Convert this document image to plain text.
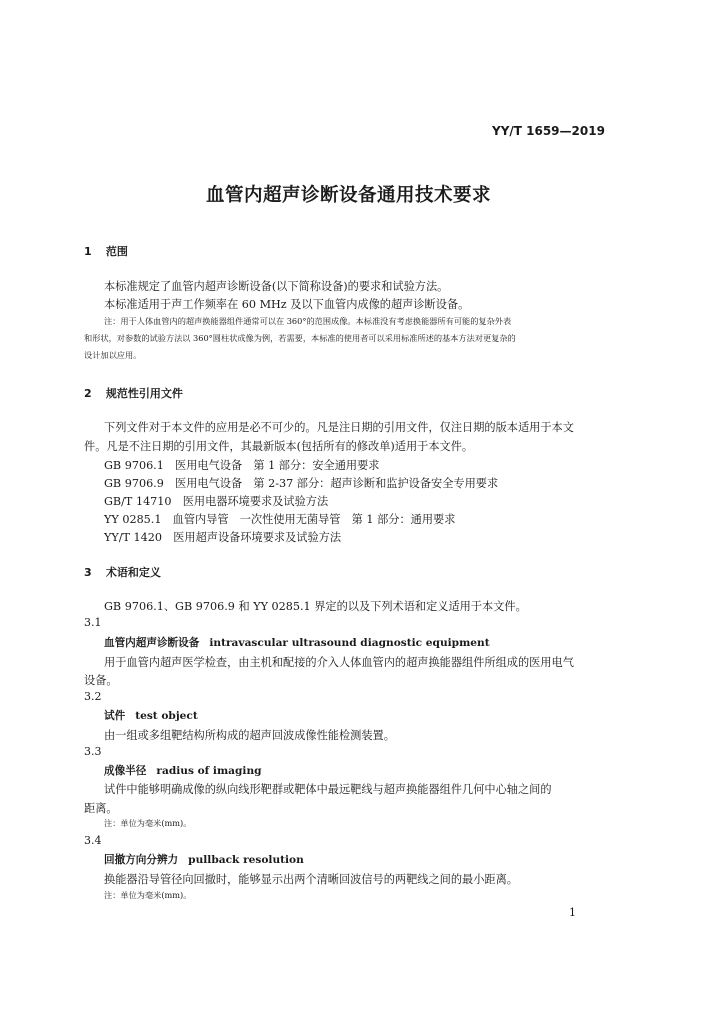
YY/T 1659—2019
血管内超声诊断设备通用技术要求
1 范围
本标准规定了血管内超声诊断设备(以下简称设备)的要求和试验方法。
本标准适用于声工作频率在 60 MHz 及以下血管内成像的超声诊断设备。
注：用于人体血管内的超声换能器组件通常可以在 360°的范围成像。本标准没有考虑换能器所有可能的复杂外表
和形状，对参数的试验方法以 360°圆柱状成像为例，若需要，本标准的使用者可以采用标准所述的基本方法对更复杂的
设计加以应用。
2 规范性引用文件
下列文件对于本文件的应用是必不可少的。凡是注日期的引用文件，仅注日期的版本适用于本文
件。凡是不注日期的引用文件，其最新版本(包括所有的修改单)适用于本文件。
GB 9706.1　医用电气设备　第 1 部分：安全通用要求
GB 9706.9　医用电气设备　第 2-37 部分：超声诊断和监护设备安全专用要求
GB/T 14710　医用电器环境要求及试验方法
YY 0285.1　血管内导管　一次性使用无菌导管　第 1 部分：通用要求
YY/T 1420　医用超声设备环境要求及试验方法
3 术语和定义
GB 9706.1、GB 9706.9 和 YY 0285.1 界定的以及下列术语和定义适用于本文件。
3.1
血管内超声诊断设备 intravascular ultrasound diagnostic equipment
用于血管内超声医学检查，由主机和配接的介入人体血管内的超声换能器组件所组成的医用电气
设备。
3.2
试件 test object
由一组或多组靶结构所构成的超声回波成像性能检测装置。
3.3
成像半径 radius of imaging
试件中能够明确成像的纵向线形靶群或靶体中最远靶线与超声换能器组件几何中心轴之间的
距离。
注：单位为毫米(mm)。
3.4
回撤方向分辨力 pullback resolution
换能器沿导管径向回撤时，能够显示出两个清晰回波信号的两靶线之间的最小距离。
注：单位为毫米(mm)。
1
